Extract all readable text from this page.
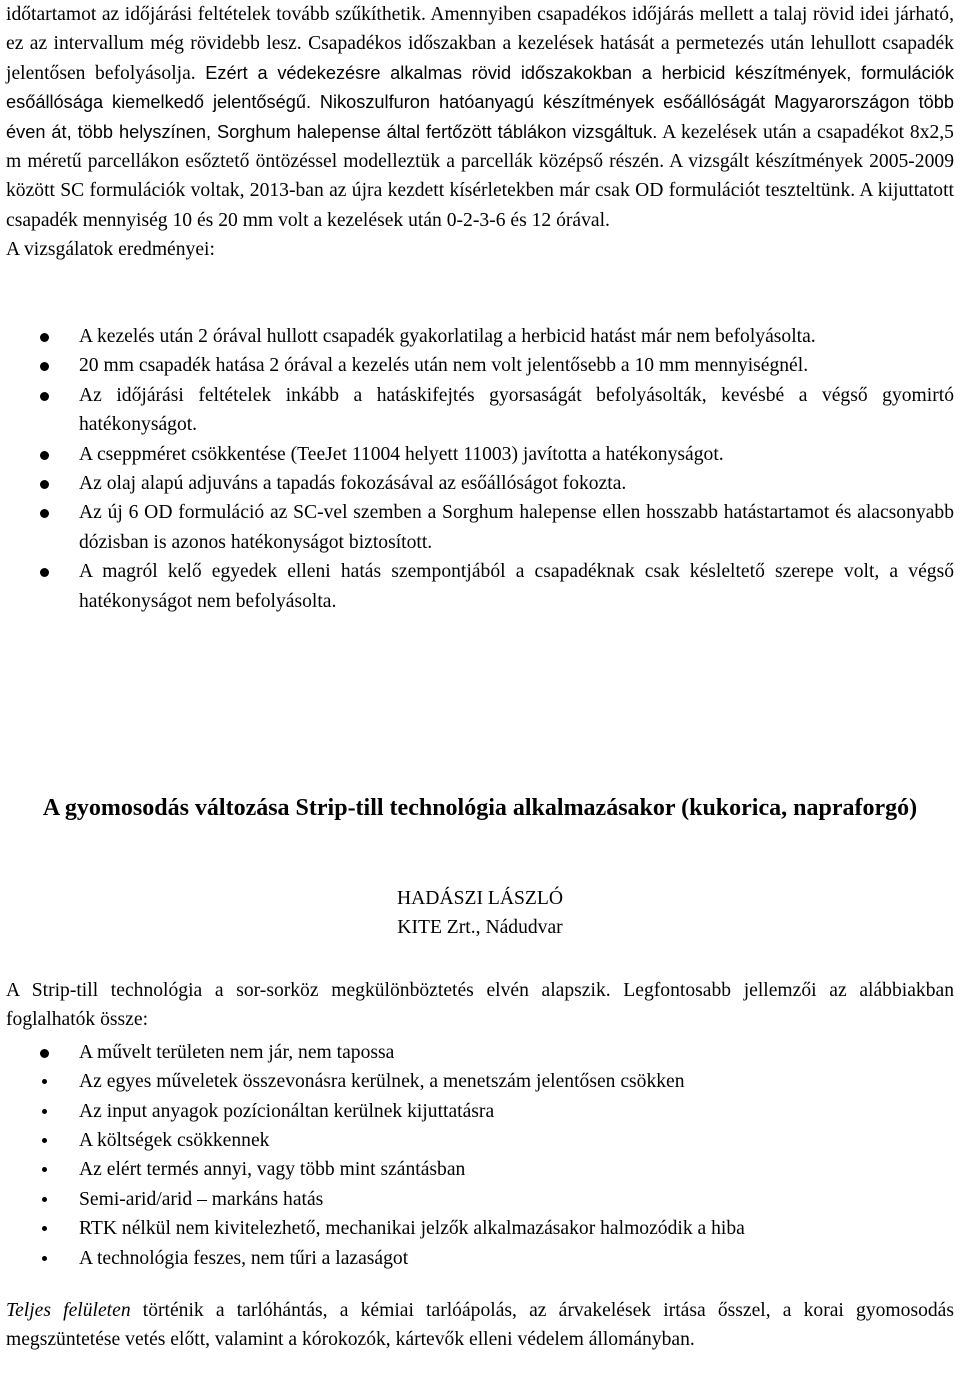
időtartamot az időjárási feltételek tovább szűkíthetik. Amennyiben csapadékos időjárás mellett a talaj rövid idei járható, ez az intervallum még rövidebb lesz. Csapadékos időszakban a kezelések hatását a permetezés után lehullott csapadék jelentősen befolyásolja. Ezért a védekezésre alkalmas rövid időszakokban a herbicid készítmények, formulációk esőállósága kiemelkedő jelentőségű. Nikoszulfuron hatóanyagú készítmények esőállóságát Magyarországon több éven át, több helyszínen, Sorghum halepense által fertőzött táblákon vizsgáltuk. A kezelések után a csapadékot 8x2,5 m méretű parcellákon esőztető öntözéssel modelleztük a parcellák középső részén. A vizsgált készítmények 2005-2009 között SC formulációk voltak, 2013-ban az újra kezdett kísérletekben már csak OD formulációt teszteltünk. A kijuttatott csapadék mennyiség 10 és 20 mm volt a kezelések után 0-2-3-6 és 12 órával.

A vizsgálatok eredményei:

A kezelés után 2 órával hullott csapadék gyakorlatilag a herbicid hatást már nem befolyásolta.
20 mm csapadék hatása 2 órával a kezelés után nem volt jelentősebb a 10 mm mennyiségnél.
Az időjárási feltételek inkább a hatáskifejtés gyorsaságát befolyásolták, kevésbé a végső gyomirtó hatékonyságot.
A cseppméret csökkentése (TeeJet 11004 helyett 11003) javította a hatékonyságot.
Az olaj alapú adjuváns a tapadás fokozásával az esőállóságot fokozta.
Az új 6 OD formuláció az SC-vel szemben a Sorghum halepense ellen hosszabb hatástartamot és alacsonyabb dózisban is azonos hatékonyságot biztosított.
A magról kelő egyedek elleni hatás szempontjából a csapadéknak csak késleltető szerepe volt, a végső hatékonyságot nem befolyásolta.
A gyomosodás változása Strip-till technológia alkalmazásakor (kukorica, napraforgó)

HADÁSZI LÁSZLÓ

KITE Zrt., Nádudvar

A Strip-till technológia a sor-sorköz megkülönböztetés elvén alapszik. Legfontosabb jellemzői az alábbiakban foglalhatók össze:

A művelt területen nem jár, nem tapossa
Az egyes műveletek összevonásra kerülnek, a menetszám jelentősen csökken
Az input anyagok pozícionáltan kerülnek kijuttatásra
A költségek csökkennek
Az elért termés annyi, vagy több mint szántásban
Semi-arid/arid – markáns hatás
RTK nélkül nem kivitelezhető, mechanikai jelzők alkalmazásakor halmozódik a hiba
A technológia feszes, nem tűri a lazaságot

Teljes felületen történik a tarlóhántás, a kémiai tarlóápolás, az árvakelések irtása ősszel, a korai gyomosodás megszüntetése vetés előtt, valamint a kórokozók, kártevők elleni védelem állományban.
